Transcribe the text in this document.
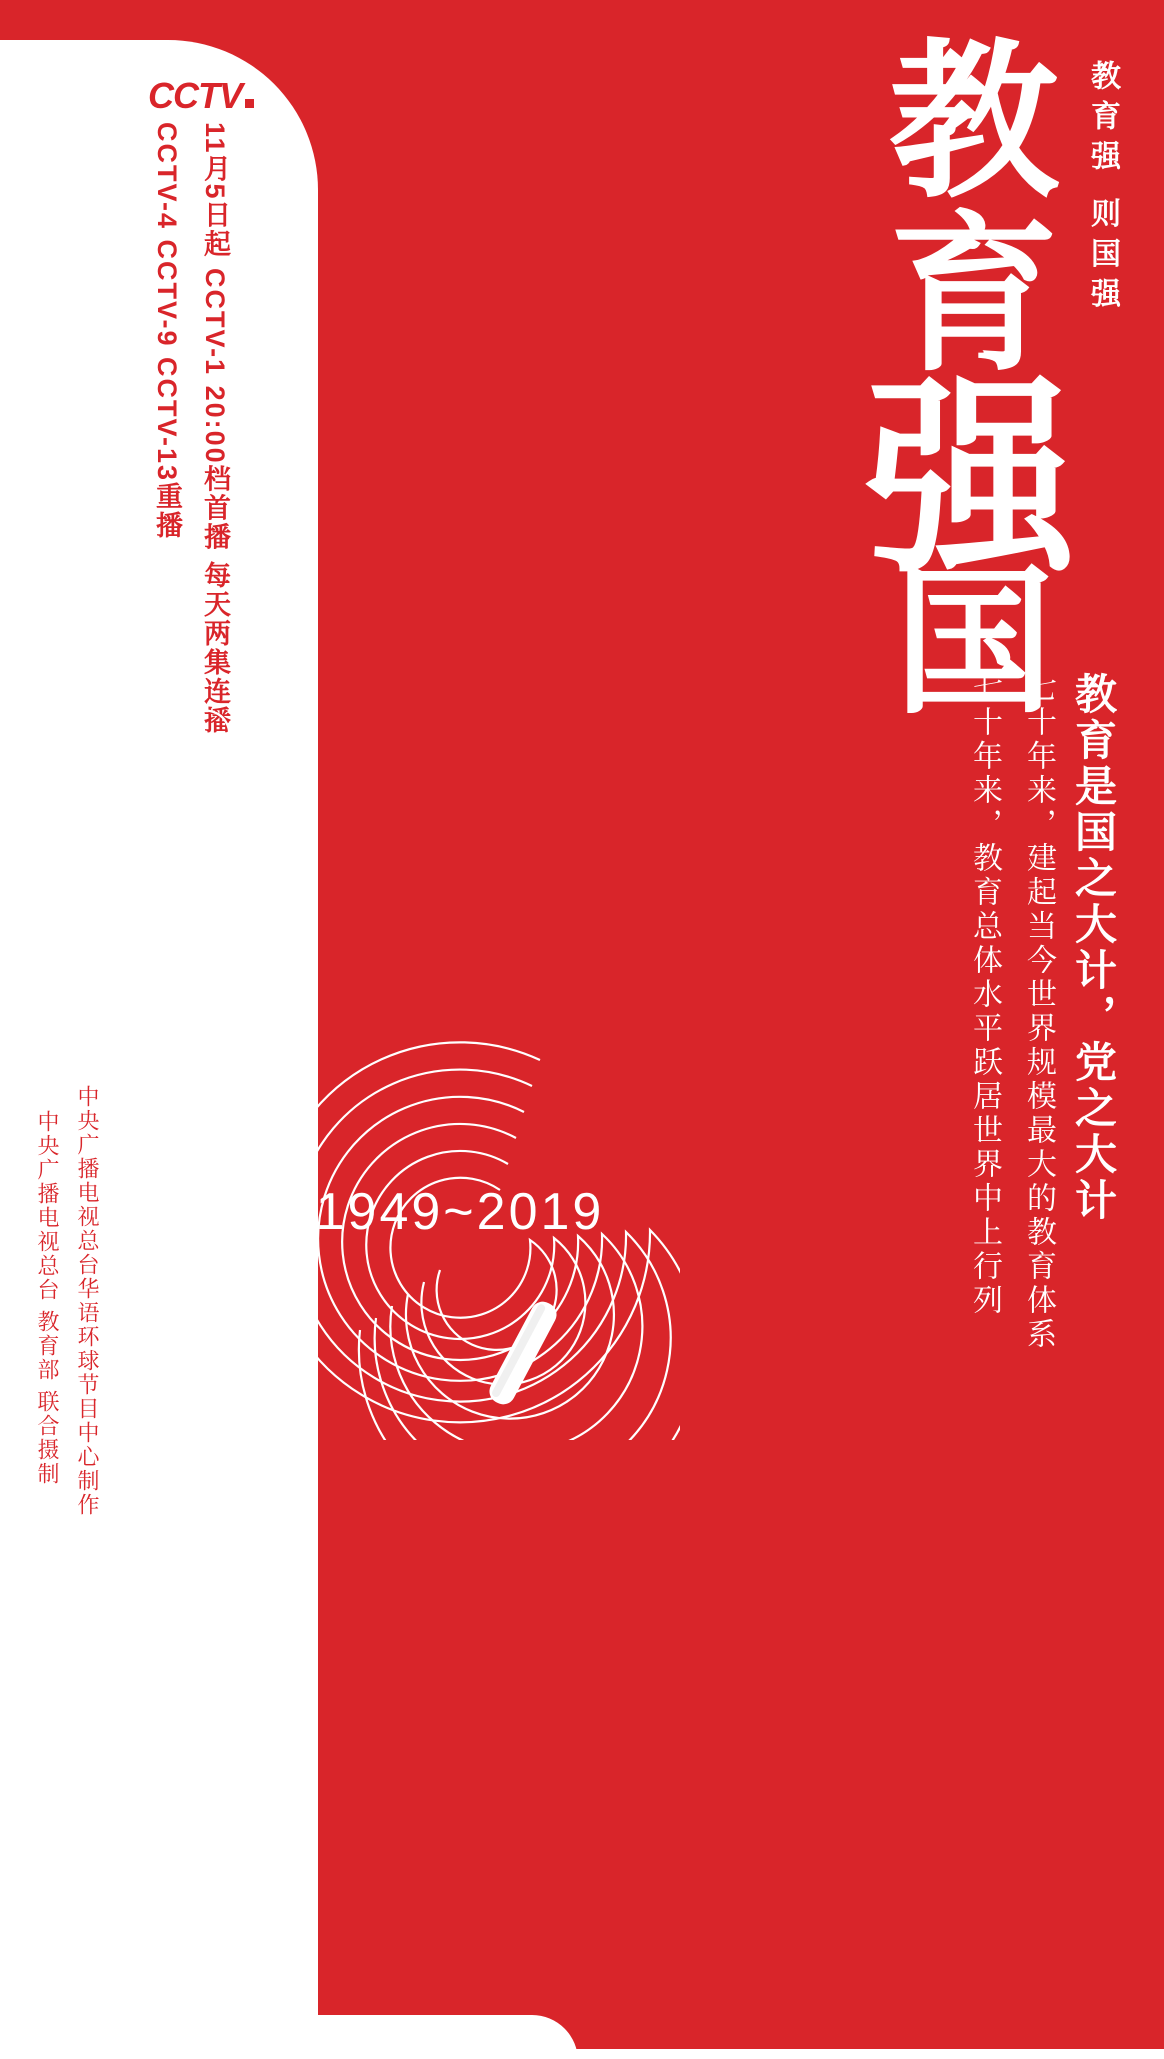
CCTV
11月5日起 CCTV-1 20:00档首播 每天两集连播
CCTV-4 CCTV-9 CCTV-13重播
中央广播电视总台华语环球节目中心制作
中央广播电视总台 教育部 联合摄制
教育强 则国强
教
育
强
国
教育是国之大计，党之大计
七十年来，建起当今世界规模最大的教育体系
七十年来，教育总体水平跃居世界中上行列
1949~2019
